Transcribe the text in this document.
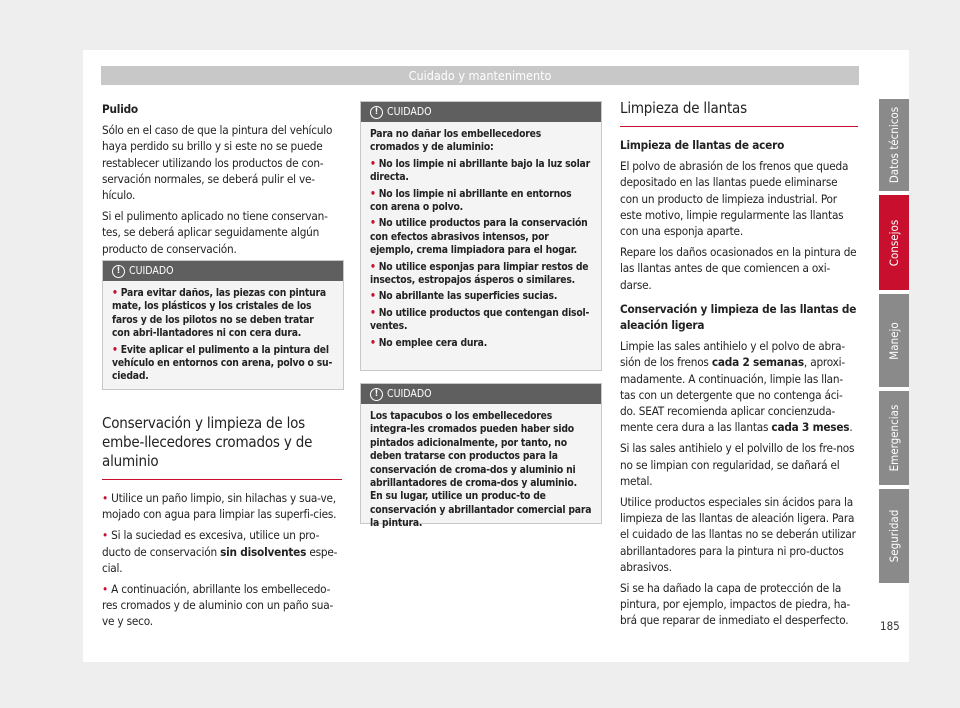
Cuidado y mantenimento

Pulido

Sólo en el caso de que la pintura del vehículo haya perdido su brillo y si este no se puede restablecer utilizando los productos de con-servación normales, se deberá pulir el ve-hículo.

Si el pulimento aplicado no tiene conservan-tes, se deberá aplicar seguidamente algún producto de conservación.

! CUIDADO
• Para evitar daños, las piezas con pintura mate, los plásticos y los cristales de los faros y de los pilotos no se deben tratar con abri-llantadores ni con cera dura.
• Evite aplicar el pulimento a la pintura del vehículo en entornos con arena, polvo o su-ciedad.
Conservación y limpieza de los embe-llecedores cromados y de aluminio

• Utilice un paño limpio, sin hilachas y sua-ve, mojado con agua para limpiar las superfi-cies.

• Si la suciedad es excesiva, utilice un pro-ducto de conservación sin disolventes espe-cial.

• A continuación, abrillante los embellecedo-res cromados y de aluminio con un paño sua-ve y seco.

! CUIDADO
Para no dañar los embellecedores cromados y de aluminio:
• No los limpie ni abrillante bajo la luz solar directa.
• No los limpie ni abrillante en entornos con arena o polvo.
• No utilice productos para la conservación con efectos abrasivos intensos, por ejemplo, crema limpiadora para el hogar.
• No utilice esponjas para limpiar restos de insectos, estropajos ásperos o similares.
• No abrillante las superficies sucias.
• No utilice productos que contengan disol-ventes.
• No emplee cera dura.
! CUIDADO
Los tapacubos o los embellecedores integra-les cromados pueden haber sido pintados adicionalmente, por tanto, no deben tratarse con productos para la conservación de croma-dos y aluminio ni abrillantadores de croma-dos y aluminio. En su lugar, utilice un produc-to de conservación y abrillantador comercial para la pintura.
Limpieza de llantas

Limpieza de llantas de acero

El polvo de abrasión de los frenos que queda depositado en las llantas puede eliminarse con un producto de limpieza industrial. Por este motivo, limpie regularmente las llantas con una esponja aparte.

Repare los daños ocasionados en la pintura de las llantas antes de que comiencen a oxi-darse.

Conservación y limpieza de las llantas de aleación ligera

Limpie las sales antihielo y el polvo de abra-sión de los frenos cada 2 semanas, aproxi-madamente. A continuación, limpie las llan-tas con un detergente que no contenga áci-do. SEAT recomienda aplicar concienzuda-mente cera dura a las llantas cada 3 meses.

Si las sales antihielo y el polvillo de los fre-nos no se limpian con regularidad, se dañará el metal.

Utilice productos especiales sin ácidos para la limpieza de las llantas de aleación ligera. Para el cuidado de las llantas no se deberán utilizar abrillantadores para la pintura ni pro-ductos abrasivos.

Si se ha dañado la capa de protección de la pintura, por ejemplo, impactos de piedra, ha-brá que reparar de inmediato el desperfecto.

Datos técnicos
Consejos
Manejo
Emergencias
Seguridad
185
